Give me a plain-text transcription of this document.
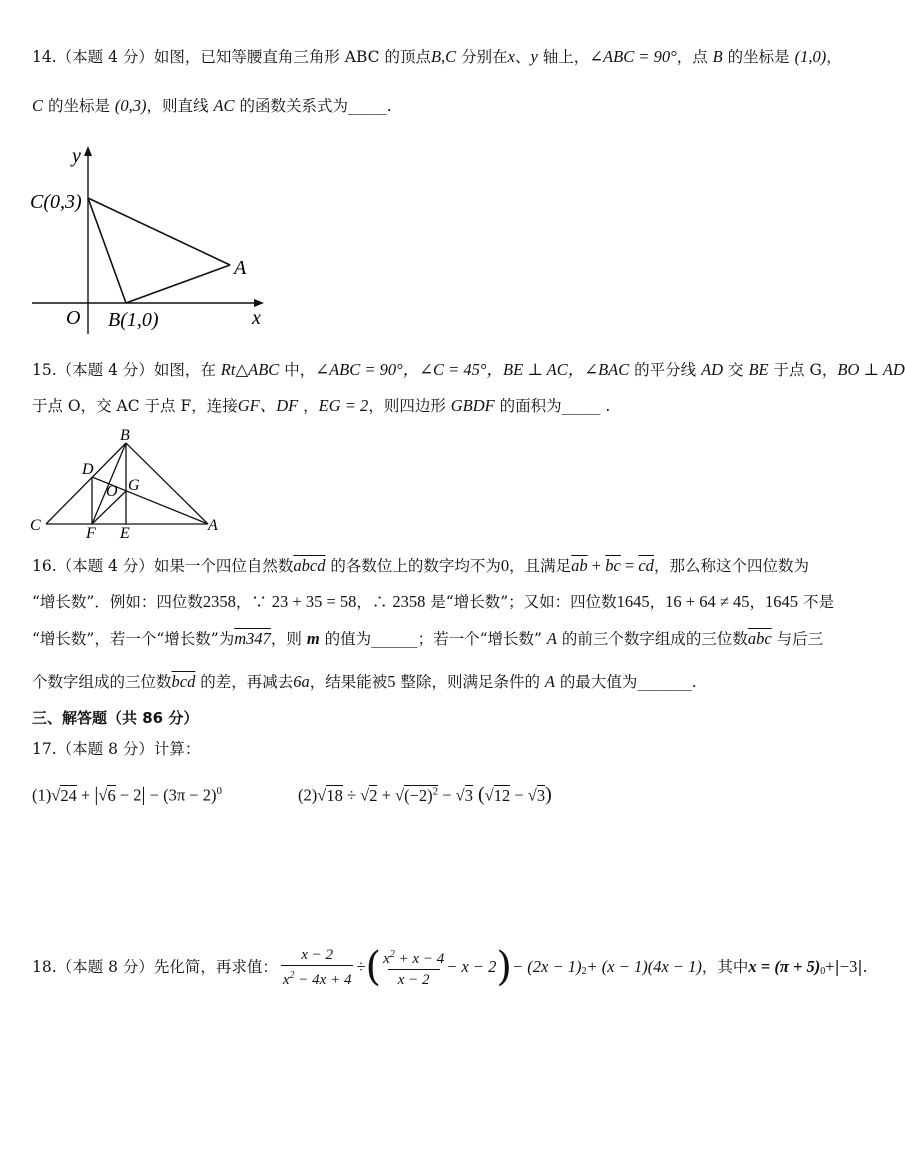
14.（本题 4 分）如图，已知等腰直角三角形 ABC 的顶点B,C 分别在x、y 轴上，∠ABC = 90°，点 B 的坐标是 (1,0)，
C 的坐标是 (0,3)，则直线 AC 的函数关系式为_____.
y
C(0,3)
A
O B(1,0)	x
15.（本题 4 分）如图，在 Rt△ABC 中，∠ABC = 90°，∠C = 45°，BE ⊥ AC，∠BAC 的平分线 AD 交 BE 于点 G，BO ⊥ AD
于点 O，交 AC 于点 F，连接GF、DF ，EG = 2，则四边形 GBDF 的面积为_____ .
B
D
O G
C	F E	A
16.（本题 4 分）如果一个四位自然数abcd 的各数位上的数字均不为0，且满足$\overline{ab} + \overline{bc} = \overline{cd}$，那么称这个四位数为
“增长数”．例如：四位数2358，∵ 23 + 35 = 58，∴ 2358 是“增长数”；又如：四位数1645，16 + 64 ≠ 45，1645 不是
“增长数”，若一个“增长数”为m347，则 m 的值为______；若一个“增长数” A 的前三个数字组成的三位数$\overline{abc}$ 与后三
个数字组成的三位数$\overline{bcd}$ 的差，再减去6a，结果能被5 整除，则满足条件的 A 的最大值为_______.
三、解答题（共 86 分）
17.（本题 8 分）计算：
$(1)√24 + |√6 - 2| - (3\pi - 2)^0$	$(2)√18 \div √2 + √(-2)^2 - √3$ (√12 − √3)
18.（本题 8 分）先化简，再求值： $\frac{x - 2}{x^2 - 4x + 4}$ ÷ ( $\frac{x^2 + x - 4}{x - 2} - x - 2$ ) − $(2x - 1)_2 + (x - 1)(4x - 1)$ ，其中 $x = (\pi + 5)_0$ + | −3 | .
